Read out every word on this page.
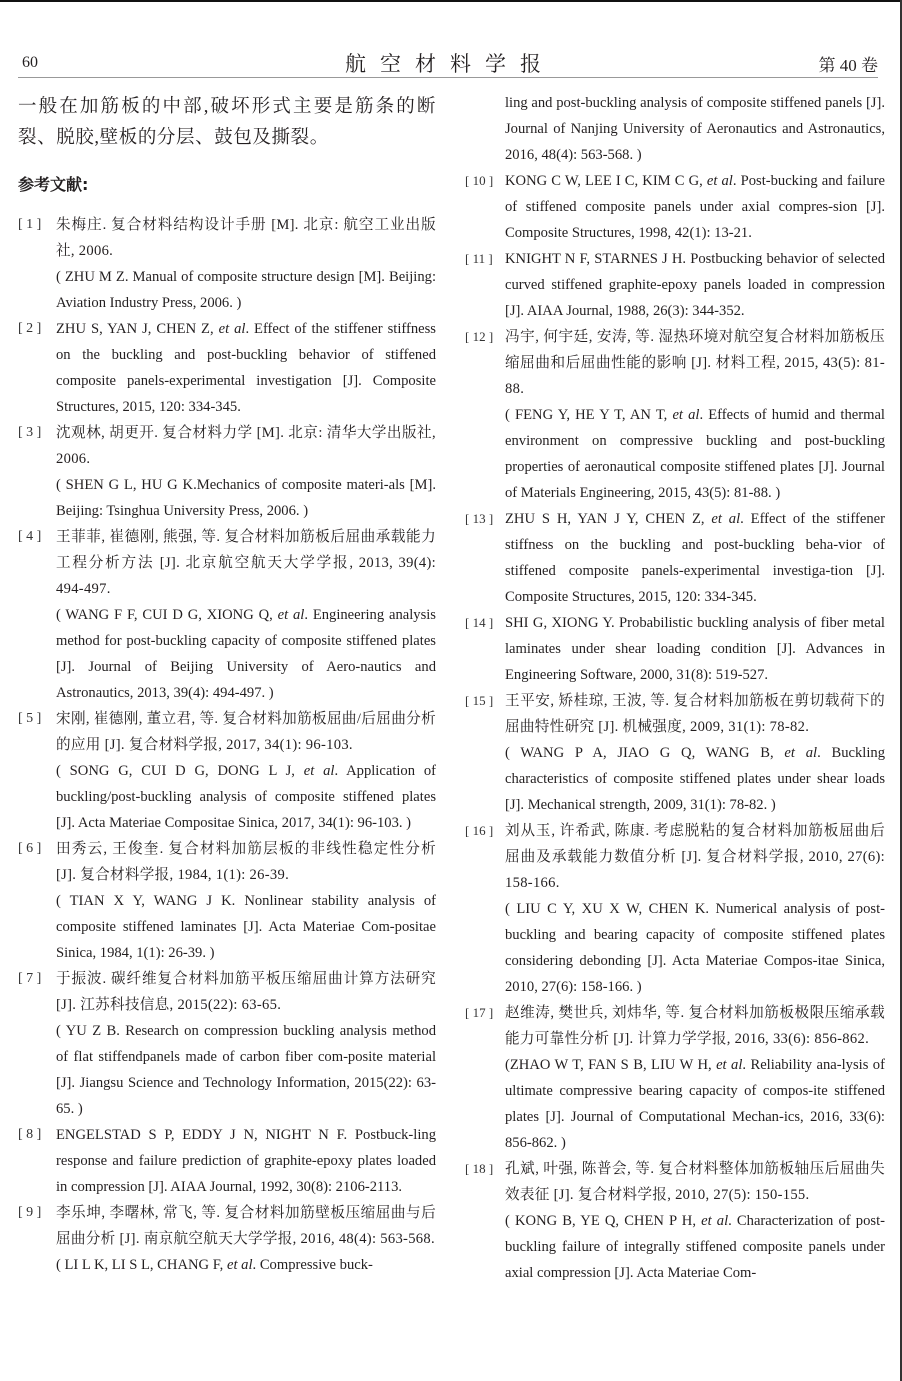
60	航空材料学报	第 40 卷

一般在加筋板的中部,破坏形式主要是筋条的断裂、脱胶,壁板的分层、鼓包及撕裂。

参考文献:
[ 1 ] 朱梅庄. 复合材料结构设计手册 [M]. 北京: 航空工业出版社, 2006.

( ZHU M Z. Manual of composite structure design [M]. Beijing: Aviation Industry Press, 2006. )

[ 2 ] ZHU S, YAN J, CHEN Z, et al. Effect of the stiffener stiffness on the buckling and post-buckling behavior of stiffened composite panels-experimental investigation [J]. Composite Structures, 2015, 120: 334-345.

[ 3 ] 沈观林, 胡更开. 复合材料力学 [M]. 北京: 清华大学出版社, 2006.

( SHEN G L, HU G K.Mechanics of composite materi-als [M]. Beijing: Tsinghua University Press, 2006. )

[ 4 ] 王菲菲, 崔德刚, 熊强, 等. 复合材料加筋板后屈曲承载能力工程分析方法 [J]. 北京航空航天大学学报, 2013, 39(4): 494-497.

( WANG F F, CUI D G, XIONG Q, et al. Engineering analysis method for post-buckling capacity of composite stiffened plates [J]. Journal of Beijing University of Aero-nautics and Astronautics, 2013, 39(4): 494-497. )

[ 5 ] 宋刚, 崔德刚, 董立君, 等. 复合材料加筋板屈曲/后屈曲分析的应用 [J]. 复合材料学报, 2017, 34(1): 96-103.

( SONG G, CUI D G, DONG L J, et al. Application of buckling/post-buckling analysis of composite stiffened plates [J]. Acta Materiae Compositae Sinica, 2017, 34(1): 96-103. )

[ 6 ] 田秀云, 王俊奎. 复合材料加筋层板的非线性稳定性分析 [J]. 复合材料学报, 1984, 1(1): 26-39.

( TIAN X Y, WANG J K. Nonlinear stability analysis of composite stiffened laminates [J]. Acta Materiae Com-positae Sinica, 1984, 1(1): 26-39. )

[ 7 ] 于振波. 碳纤维复合材料加筋平板压缩屈曲计算方法研究 [J]. 江苏科技信息, 2015(22): 63-65.

( YU Z B. Research on compression buckling analysis method of flat stiffendpanels made of carbon fiber com-posite material [J]. Jiangsu Science and Technology Information, 2015(22): 63-65. )

[ 8 ] ENGELSTAD S P, EDDY J N, NIGHT N F. Postbuck-ling response and failure prediction of graphite-epoxy plates loaded in compression [J]. AIAA Journal, 1992, 30(8): 2106-2113.

[ 9 ] 李乐坤, 李曙林, 常飞, 等. 复合材料加筋壁板压缩屈曲与后屈曲分析 [J]. 南京航空航天大学学报, 2016, 48(4): 563-568.

( LI L K, LI S L, CHANG F, et al. Compressive buck-

ling and post-buckling analysis of composite stiffened panels [J]. Journal of Nanjing University of Aeronautics and Astronautics, 2016, 48(4): 563-568. )

[ 10 ] KONG C W, LEE I C, KIM C G, et al. Post-bucking and failure of stiffened composite panels under axial compres-sion [J]. Composite Structures, 1998, 42(1): 13-21.

[ 11 ] KNIGHT N F, STARNES J H. Postbucking behavior of selected curved stiffened graphite-epoxy panels loaded in compression [J]. AIAA Journal, 1988, 26(3): 344-352.

[ 12 ] 冯宇, 何宇廷, 安涛, 等. 湿热环境对航空复合材料加筋板压缩屈曲和后屈曲性能的影响 [J]. 材料工程, 2015, 43(5): 81-88.

( FENG Y, HE Y T, AN T, et al. Effects of humid and thermal environment on compressive buckling and post-buckling properties of aeronautical composite stiffened plates [J]. Journal of Materials Engineering, 2015, 43(5): 81-88. )

[ 13 ] ZHU S H, YAN J Y, CHEN Z, et al. Effect of the stiffener stiffness on the buckling and post-buckling beha-vior of stiffened composite panels-experimental investiga-tion [J]. Composite Structures, 2015, 120: 334-345.

[ 14 ] SHI G, XIONG Y. Probabilistic buckling analysis of fiber metal laminates under shear loading condition [J]. Advances in Engineering Software, 2000, 31(8): 519-527.

[ 15 ] 王平安, 矫桂琼, 王波, 等. 复合材料加筋板在剪切载荷下的屈曲特性研究 [J]. 机械强度, 2009, 31(1): 78-82.

( WANG P A, JIAO G Q, WANG B, et al. Buckling characteristics of composite stiffened plates under shear loads [J]. Mechanical strength, 2009, 31(1): 78-82. )

[ 16 ] 刘从玉, 许希武, 陈康. 考虑脱粘的复合材料加筋板屈曲后屈曲及承载能力数值分析 [J]. 复合材料学报, 2010, 27(6): 158-166.

( LIU C Y, XU X W, CHEN K. Numerical analysis of post-buckling and bearing capacity of composite stiffened plates considering debonding [J]. Acta Materiae Compos-itae Sinica, 2010, 27(6): 158-166. )

[ 17 ] 赵维涛, 樊世兵, 刘炜华, 等. 复合材料加筋板极限压缩承载能力可靠性分析 [J]. 计算力学学报, 2016, 33(6): 856-862.

(ZHAO W T, FAN S B, LIU W H, et al. Reliability ana-lysis of ultimate compressive bearing capacity of compos-ite stiffened plates [J]. Journal of Computational Mechan-ics, 2016, 33(6): 856-862. )

[ 18 ] 孔斌, 叶强, 陈普会, 等. 复合材料整体加筋板轴压后屈曲失效表征 [J]. 复合材料学报, 2010, 27(5): 150-155.

( KONG B, YE Q, CHEN P H, et al. Characterization of post-buckling failure of integrally stiffened composite panels under axial compression [J]. Acta Materiae Com-
